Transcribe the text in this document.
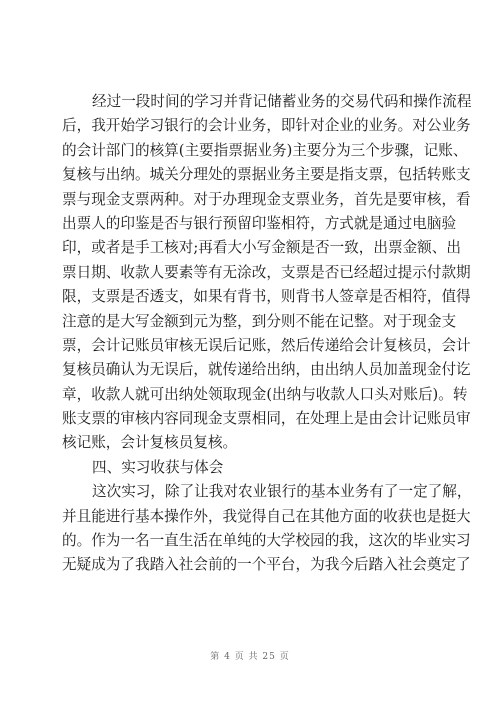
经过一段时间的学习并背记储蓄业务的交易代码和操作流程
后，我开始学习银行的会计业务，即针对企业的业务。对公业务
的会计部门的核算(主要指票据业务)主要分为三个步骤，记账、
复核与出纳。城关分理处的票据业务主要是指支票，包括转账支
票与现金支票两种。对于办理现金支票业务，首先是要审核，看
出票人的印鉴是否与银行预留印鉴相符，方式就是通过电脑验
印，或者是手工核对;再看大小写金额是否一致，出票金额、出
票日期、收款人要素等有无涂改，支票是否已经超过提示付款期
限，支票是否透支，如果有背书，则背书人签章是否相符，值得
注意的是大写金额到元为整，到分则不能在记整。对于现金支
票，会计记账员审核无误后记账，然后传递给会计复核员，会计
复核员确认为无误后，就传递给出纳，由出纳人员加盖现金付讫
章，收款人就可出纳处领取现金(出纳与收款人口头对账后)。转
账支票的审核内容同现金支票相同，在处理上是由会计记账员审
核记账，会计复核员复核。
四、实习收获与体会
这次实习，除了让我对农业银行的基本业务有了一定了解，
并且能进行基本操作外，我觉得自己在其他方面的收获也是挺大
的。作为一名一直生活在单纯的大学校园的我，这次的毕业实习
无疑成为了我踏入社会前的一个平台，为我今后踏入社会奠定了
第 4 页 共 25 页
